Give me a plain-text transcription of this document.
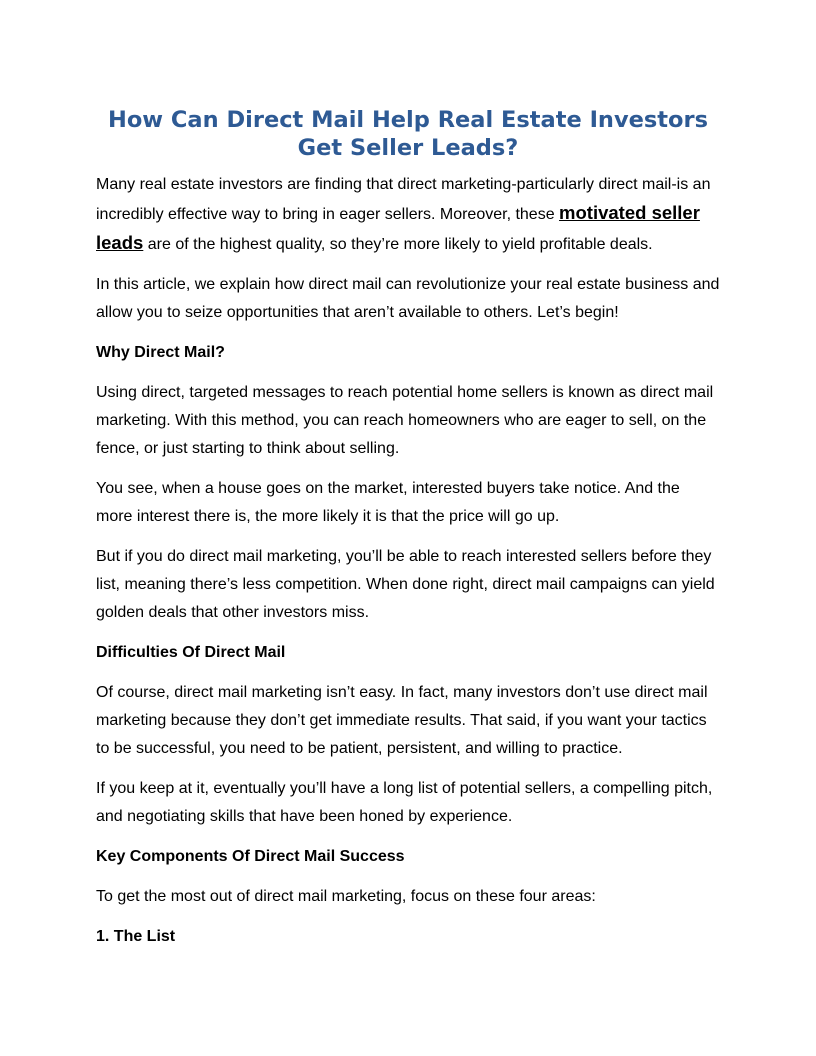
How Can Direct Mail Help Real Estate Investors Get Seller Leads?

Many real estate investors are finding that direct marketing-particularly direct mail-is an incredibly effective way to bring in eager sellers. Moreover, these motivated seller leads are of the highest quality, so they’re more likely to yield profitable deals.

In this article, we explain how direct mail can revolutionize your real estate business and allow you to seize opportunities that aren’t available to others. Let’s begin!

Why Direct Mail?

Using direct, targeted messages to reach potential home sellers is known as direct mail marketing. With this method, you can reach homeowners who are eager to sell, on the fence, or just starting to think about selling.

You see, when a house goes on the market, interested buyers take notice. And the more interest there is, the more likely it is that the price will go up.

But if you do direct mail marketing, you’ll be able to reach interested sellers before they list, meaning there’s less competition. When done right, direct mail campaigns can yield golden deals that other investors miss.

Difficulties Of Direct Mail

Of course, direct mail marketing isn’t easy. In fact, many investors don’t use direct mail marketing because they don’t get immediate results. That said, if you want your tactics to be successful, you need to be patient, persistent, and willing to practice.

If you keep at it, eventually you’ll have a long list of potential sellers, a compelling pitch, and negotiating skills that have been honed by experience.

Key Components Of Direct Mail Success

To get the most out of direct mail marketing, focus on these four areas:

1. The List
